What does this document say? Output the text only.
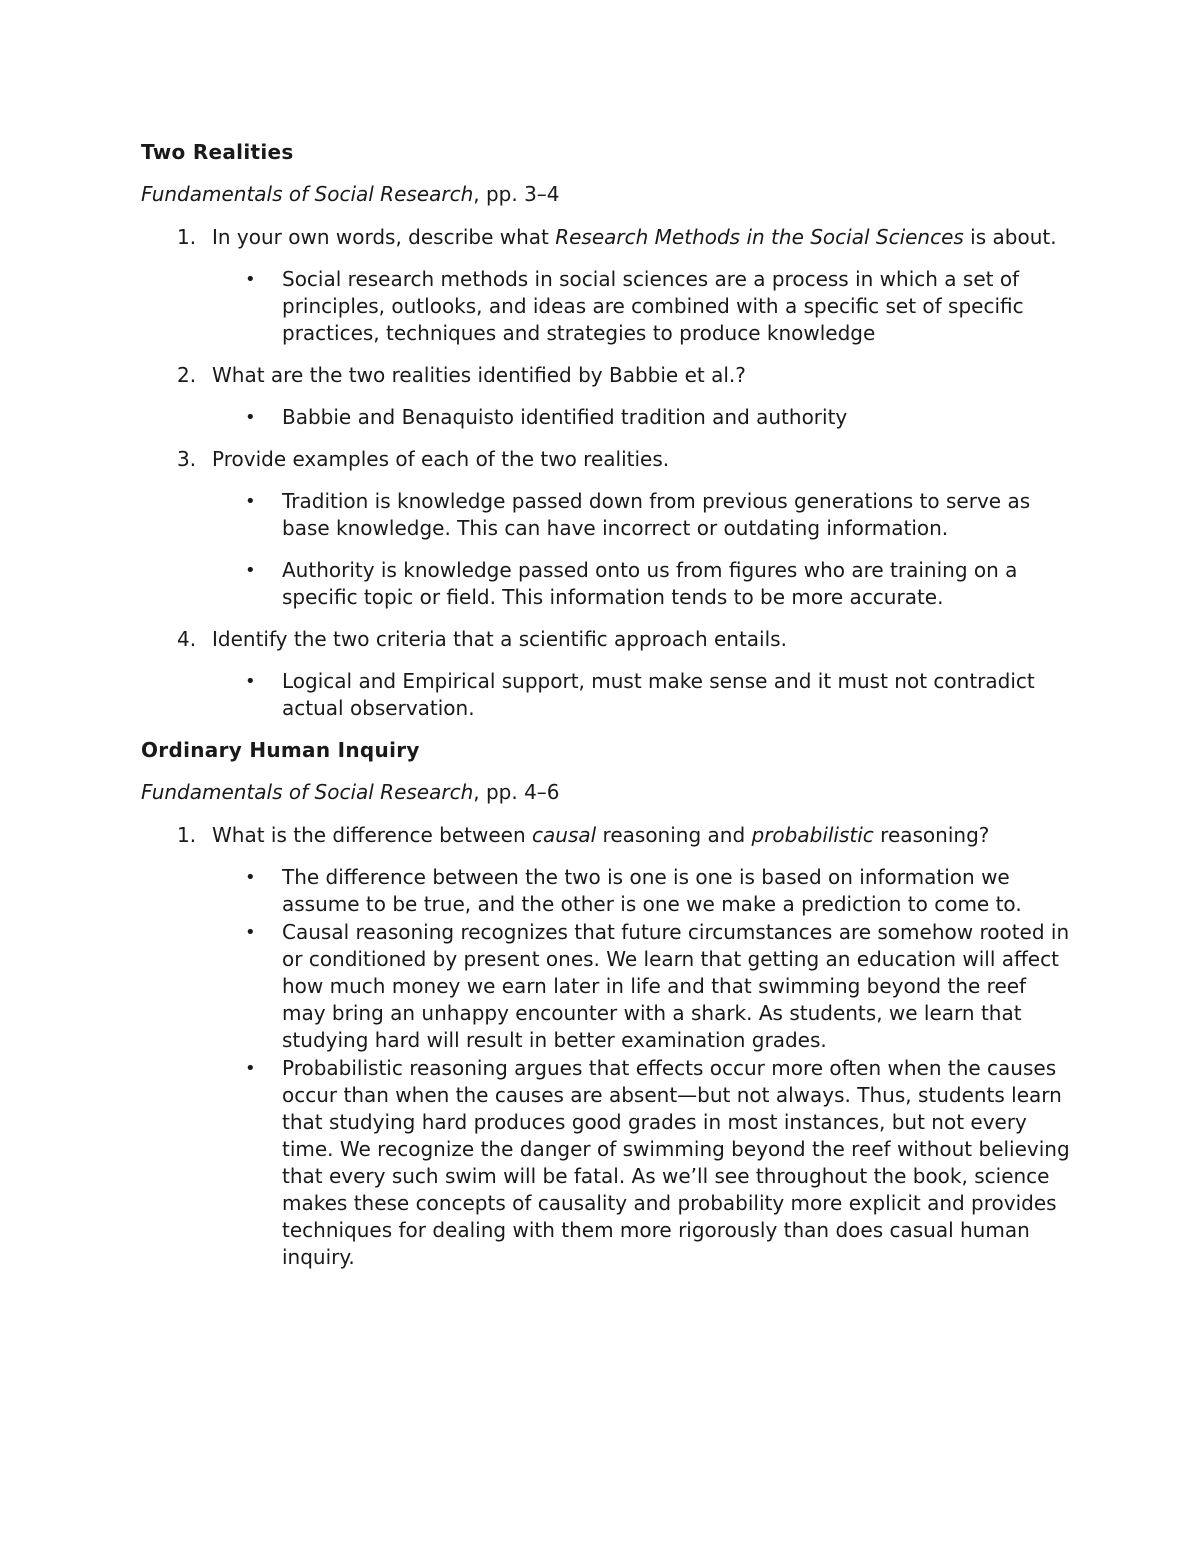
Two Realities
Fundamentals of Social Research, pp. 3–4
1. In your own words, describe what Research Methods in the Social Sciences is about.
• Social research methods in social sciences are a process in which a set of principles, outlooks, and ideas are combined with a specific set of specific practices, techniques and strategies to produce knowledge
2. What are the two realities identified by Babbie et al.?
• Babbie and Benaquisto identified tradition and authority
3. Provide examples of each of the two realities.
• Tradition is knowledge passed down from previous generations to serve as base knowledge. This can have incorrect or outdating information.
• Authority is knowledge passed onto us from figures who are training on a specific topic or field. This information tends to be more accurate.
4. Identify the two criteria that a scientific approach entails.
• Logical and Empirical support, must make sense and it must not contradict actual observation.
Ordinary Human Inquiry
Fundamentals of Social Research, pp. 4–6
1. What is the difference between causal reasoning and probabilistic reasoning?
• The difference between the two is one is one is based on information we assume to be true, and the other is one we make a prediction to come to.
• Causal reasoning recognizes that future circumstances are somehow rooted in or conditioned by present ones. We learn that getting an education will affect how much money we earn later in life and that swimming beyond the reef may bring an unhappy encounter with a shark. As students, we learn that studying hard will result in better examination grades.
• Probabilistic reasoning argues that effects occur more often when the causes occur than when the causes are absent—but not always. Thus, students learn that studying hard produces good grades in most instances, but not every time. We recognize the danger of swimming beyond the reef without believing that every such swim will be fatal. As we’ll see throughout the book, science makes these concepts of causality and probability more explicit and provides techniques for dealing with them more rigorously than does casual human inquiry.
